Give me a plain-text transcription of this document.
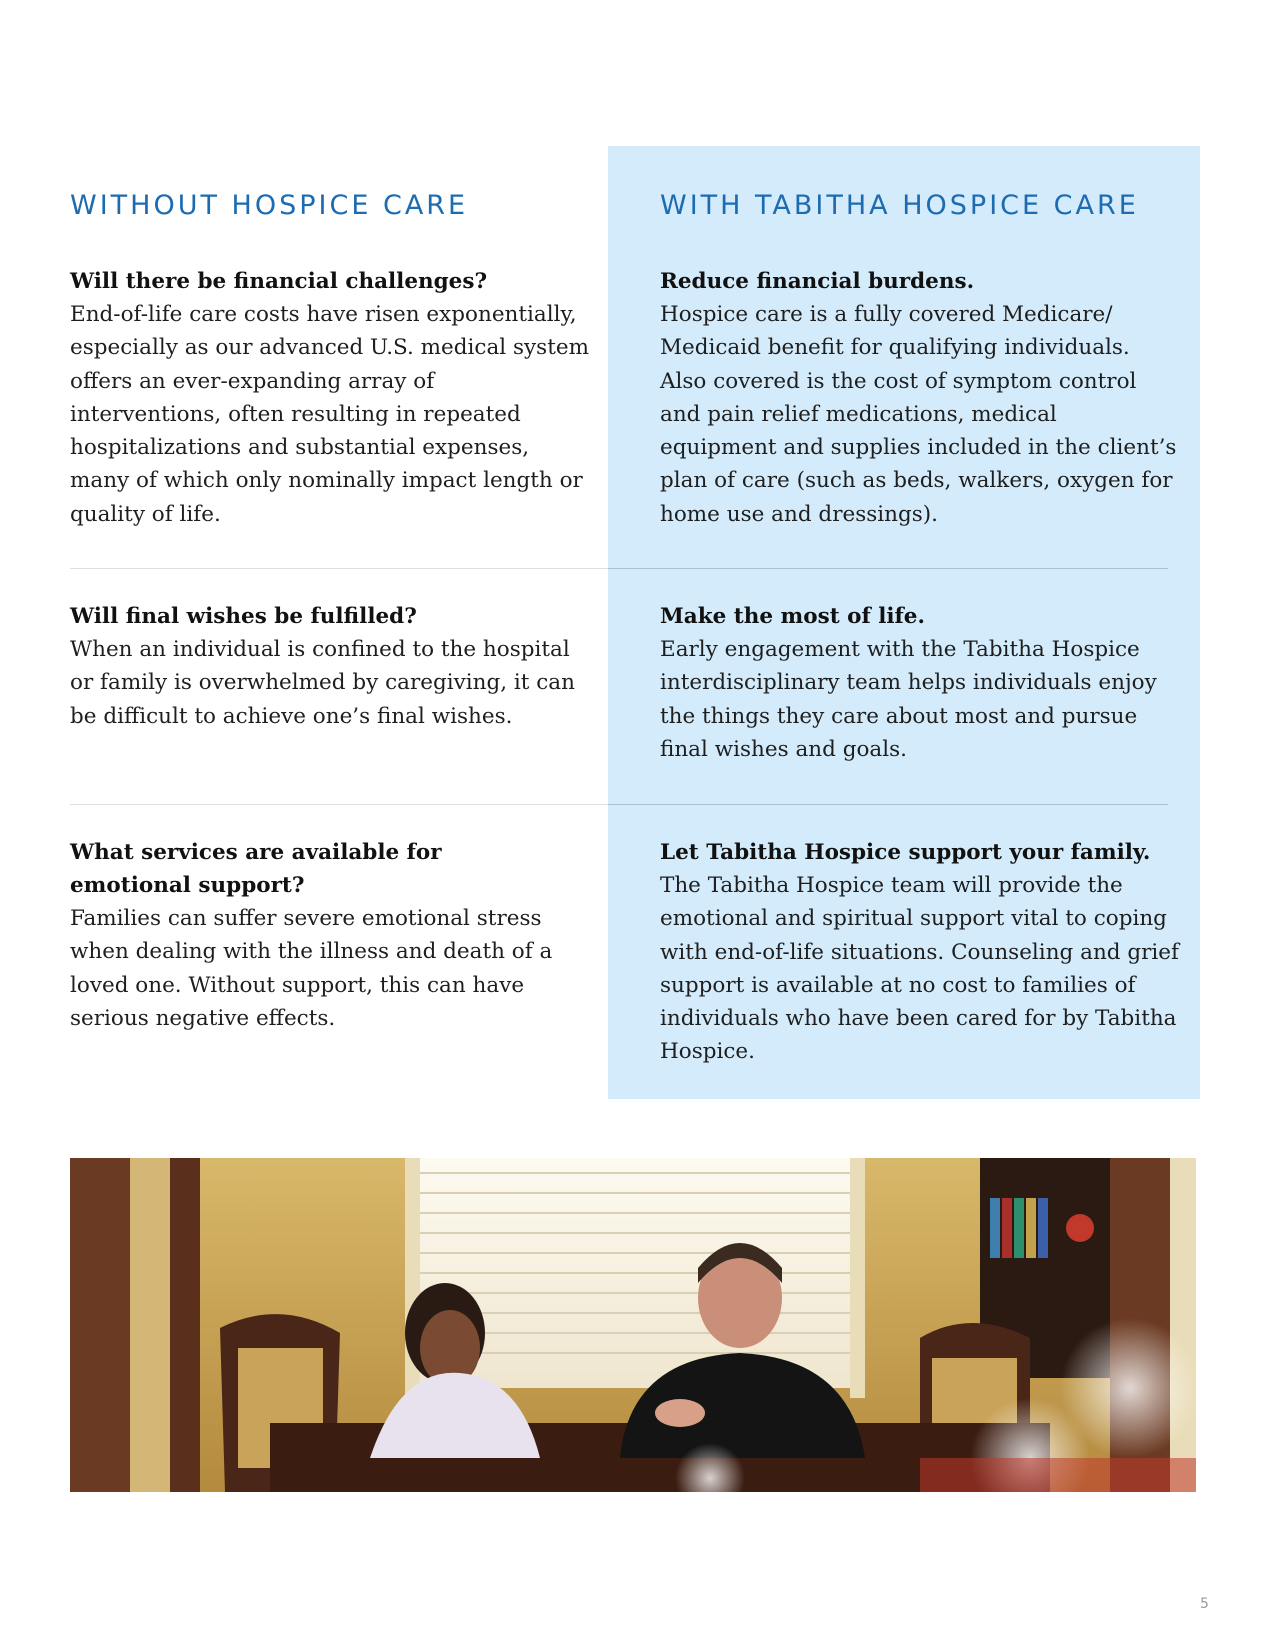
WITHOUT HOSPICE CARE	WITH TABITHA HOSPICE CARE
Will there be financial challenges?

End-of-life care costs have risen exponentially, especially as our advanced U.S. medical system offers an ever-expanding array of interventions, often resulting in repeated hospitalizations and substantial expenses, many of which only nominally impact length or quality of life.

Will final wishes be fulfilled?

When an individual is confined to the hospital or family is overwhelmed by caregiving, it can be difficult to achieve one’s final wishes.

What services are available for emotional support?

Families can suffer severe emotional stress when dealing with the illness and death of a loved one. Without support, this can have serious negative effects.

Reduce financial burdens.

Hospice care is a fully covered Medicare/ Medicaid benefit for qualifying individuals. Also covered is the cost of symptom control and pain relief medications, medical equipment and supplies included in the client’s plan of care (such as beds, walkers, oxygen for home use and dressings).

Make the most of life.

Early engagement with the Tabitha Hospice interdisciplinary team helps individuals enjoy the things they care about most and pursue final wishes and goals.

Let Tabitha Hospice support your family.

The Tabitha Hospice team will provide the emotional and spiritual support vital to coping with end-of-life situations. Counseling and grief support is available at no cost to families of individuals who have been cared for by Tabitha Hospice.

5
